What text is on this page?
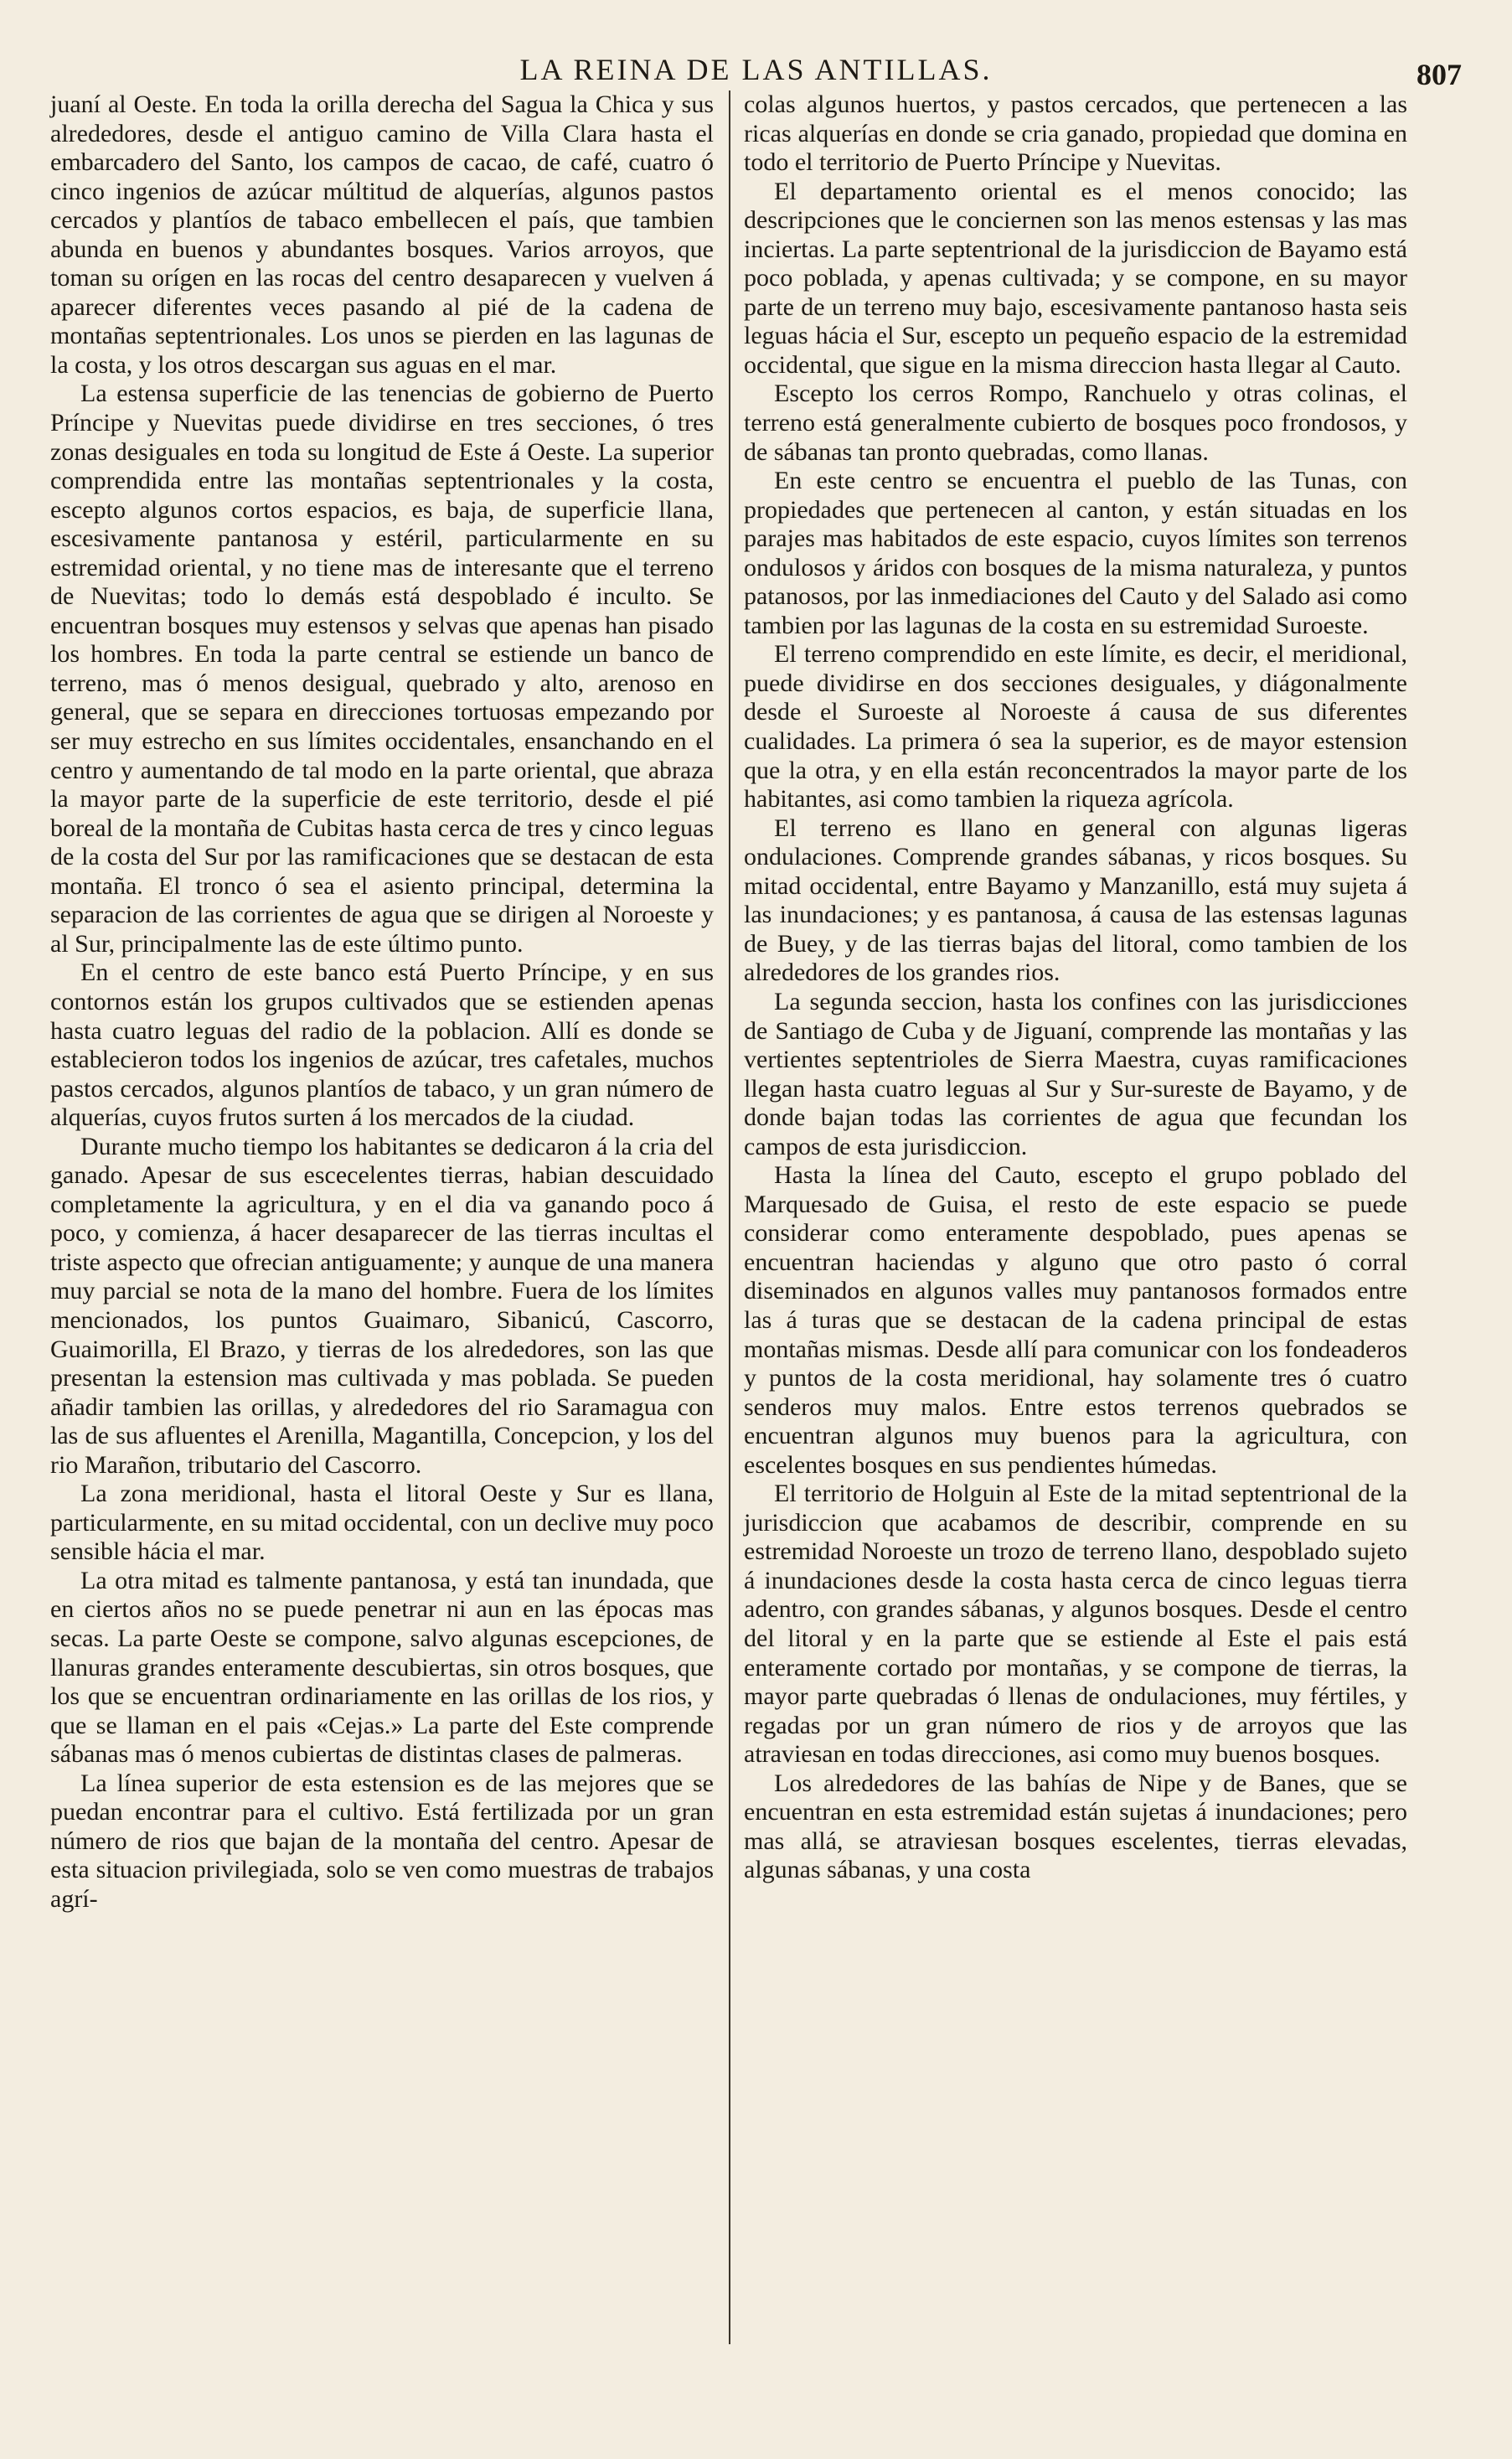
LA REINA DE LAS ANTILLAS.	807

juaní al Oeste. En toda la orilla derecha del Sagua la Chica y sus alrededores, desde el antiguo camino de Villa Clara hasta el embarcadero del Santo, los campos de cacao, de café, cuatro ó cinco ingenios de azúcar múltitud de alquerías, algunos pastos cercados y plantíos de tabaco embellecen el país, que tambien abunda en buenos y abundantes bosques. Varios arroyos, que toman su orígen en las rocas del centro desaparecen y vuelven á aparecer diferentes veces pasando al pié de la cadena de montañas septentrionales. Los unos se pierden en las lagunas de la costa, y los otros descargan sus aguas en el mar.

La estensa superficie de las tenencias de gobierno de Puerto Príncipe y Nuevitas puede dividirse en tres secciones, ó tres zonas desiguales en toda su longitud de Este á Oeste. La superior comprendida entre las montañas septentrionales y la costa, escepto algunos cortos espacios, es baja, de superficie llana, escesivamente pantanosa y estéril, particularmente en su estremidad oriental, y no tiene mas de interesante que el terreno de Nuevitas; todo lo demás está despoblado é inculto. Se encuentran bosques muy estensos y selvas que apenas han pisado los hombres. En toda la parte central se estiende un banco de terreno, mas ó menos desigual, quebrado y alto, arenoso en general, que se separa en direcciones tortuosas empezando por ser muy estrecho en sus límites occidentales, ensanchando en el centro y aumentando de tal modo en la parte oriental, que abraza la mayor parte de la superficie de este territorio, desde el pié boreal de la montaña de Cubitas hasta cerca de tres y cinco leguas de la costa del Sur por las ramificaciones que se destacan de esta montaña. El tronco ó sea el asiento principal, determina la separacion de las corrientes de agua que se dirigen al Noroeste y al Sur, principalmente las de este último punto.

En el centro de este banco está Puerto Príncipe, y en sus contornos están los grupos cultivados que se estienden apenas hasta cuatro leguas del radio de la poblacion. Allí es donde se establecieron todos los ingenios de azúcar, tres cafetales, muchos pastos cercados, algunos plantíos de tabaco, y un gran número de alquerías, cuyos frutos surten á los mercados de la ciudad.

Durante mucho tiempo los habitantes se dedicaron á la cria del ganado. Apesar de sus escecelentes tierras, habian descuidado completamente la agricultura, y en el dia va ganando poco á poco, y comienza, á hacer desaparecer de las tierras incultas el triste aspecto que ofrecian antiguamente; y aunque de una manera muy parcial se nota de la mano del hombre. Fuera de los límites mencionados, los puntos Guaimaro, Sibanicú, Cascorro, Guaimorilla, El Brazo, y tierras de los alrededores, son las que presentan la estension mas cultivada y mas poblada. Se pueden añadir tambien las orillas, y alrededores del rio Saramagua con las de sus afluentes el Arenilla, Magantilla, Concepcion, y los del rio Marañon, tributario del Cascorro.

La zona meridional, hasta el litoral Oeste y Sur es llana, particularmente, en su mitad occidental, con un declive muy poco sensible hácia el mar.

La otra mitad es talmente pantanosa, y está tan inundada, que en ciertos años no se puede penetrar ni aun en las épocas mas secas. La parte Oeste se compone, salvo algunas escepciones, de llanuras grandes enteramente descubiertas, sin otros bosques, que los que se encuentran ordinariamente en las orillas de los rios, y que se llaman en el pais «Cejas.» La parte del Este comprende sábanas mas ó menos cubiertas de distintas clases de palmeras.

La línea superior de esta estension es de las mejores que se puedan encontrar para el cultivo. Está fertilizada por un gran número de rios que bajan de la montaña del centro. Apesar de esta situacion privilegiada, solo se ven como muestras de trabajos agrí-

colas algunos huertos, y pastos cercados, que pertenecen a las ricas alquerías en donde se cria ganado, propiedad que domina en todo el territorio de Puerto Príncipe y Nuevitas.

El departamento oriental es el menos conocido; las descripciones que le conciernen son las menos estensas y las mas inciertas. La parte septentrional de la jurisdiccion de Bayamo está poco poblada, y apenas cultivada; y se compone, en su mayor parte de un terreno muy bajo, escesivamente pantanoso hasta seis leguas hácia el Sur, escepto un pequeño espacio de la estremidad occidental, que sigue en la misma direccion hasta llegar al Cauto.

Escepto los cerros Rompo, Ranchuelo y otras colinas, el terreno está generalmente cubierto de bosques poco frondosos, y de sábanas tan pronto quebradas, como llanas.

En este centro se encuentra el pueblo de las Tunas, con propiedades que pertenecen al canton, y están situadas en los parajes mas habitados de este espacio, cuyos límites son terrenos ondulosos y áridos con bosques de la misma naturaleza, y puntos patanosos, por las inmediaciones del Cauto y del Salado asi como tambien por las lagunas de la costa en su estremidad Suroeste.

El terreno comprendido en este límite, es decir, el meridional, puede dividirse en dos secciones desiguales, y diágonalmente desde el Suroeste al Noroeste á causa de sus diferentes cualidades. La primera ó sea la superior, es de mayor estension que la otra, y en ella están reconcentrados la mayor parte de los habitantes, asi como tambien la riqueza agrícola.

El terreno es llano en general con algunas ligeras ondulaciones. Comprende grandes sábanas, y ricos bosques. Su mitad occidental, entre Bayamo y Manzanillo, está muy sujeta á las inundaciones; y es pantanosa, á causa de las estensas lagunas de Buey, y de las tierras bajas del litoral, como tambien de los alrededores de los grandes rios.

La segunda seccion, hasta los confines con las jurisdicciones de Santiago de Cuba y de Jiguaní, comprende las montañas y las vertientes septentrioles de Sierra Maestra, cuyas ramificaciones llegan hasta cuatro leguas al Sur y Sur-sureste de Bayamo, y de donde bajan todas las corrientes de agua que fecundan los campos de esta jurisdiccion.

Hasta la línea del Cauto, escepto el grupo poblado del Marquesado de Guisa, el resto de este espacio se puede considerar como enteramente despoblado, pues apenas se encuentran haciendas y alguno que otro pasto ó corral diseminados en algunos valles muy pantanosos formados entre las á turas que se destacan de la cadena principal de estas montañas mismas. Desde allí para comunicar con los fondeaderos y puntos de la costa meridional, hay solamente tres ó cuatro senderos muy malos. Entre estos terrenos quebrados se encuentran algunos muy buenos para la agricultura, con escelentes bosques en sus pendientes húmedas.

El territorio de Holguin al Este de la mitad septentrional de la jurisdiccion que acabamos de describir, comprende en su estremidad Noroeste un trozo de terreno llano, despoblado sujeto á inundaciones desde la costa hasta cerca de cinco leguas tierra adentro, con grandes sábanas, y algunos bosques. Desde el centro del litoral y en la parte que se estiende al Este el pais está enteramente cortado por montañas, y se compone de tierras, la mayor parte quebradas ó llenas de ondulaciones, muy fértiles, y regadas por un gran número de rios y de arroyos que las atraviesan en todas direcciones, asi como muy buenos bosques.

Los alrededores de las bahías de Nipe y de Banes, que se encuentran en esta estremidad están sujetas á inundaciones; pero mas allá, se atraviesan bosques escelentes, tierras elevadas, algunas sábanas, y una costa
